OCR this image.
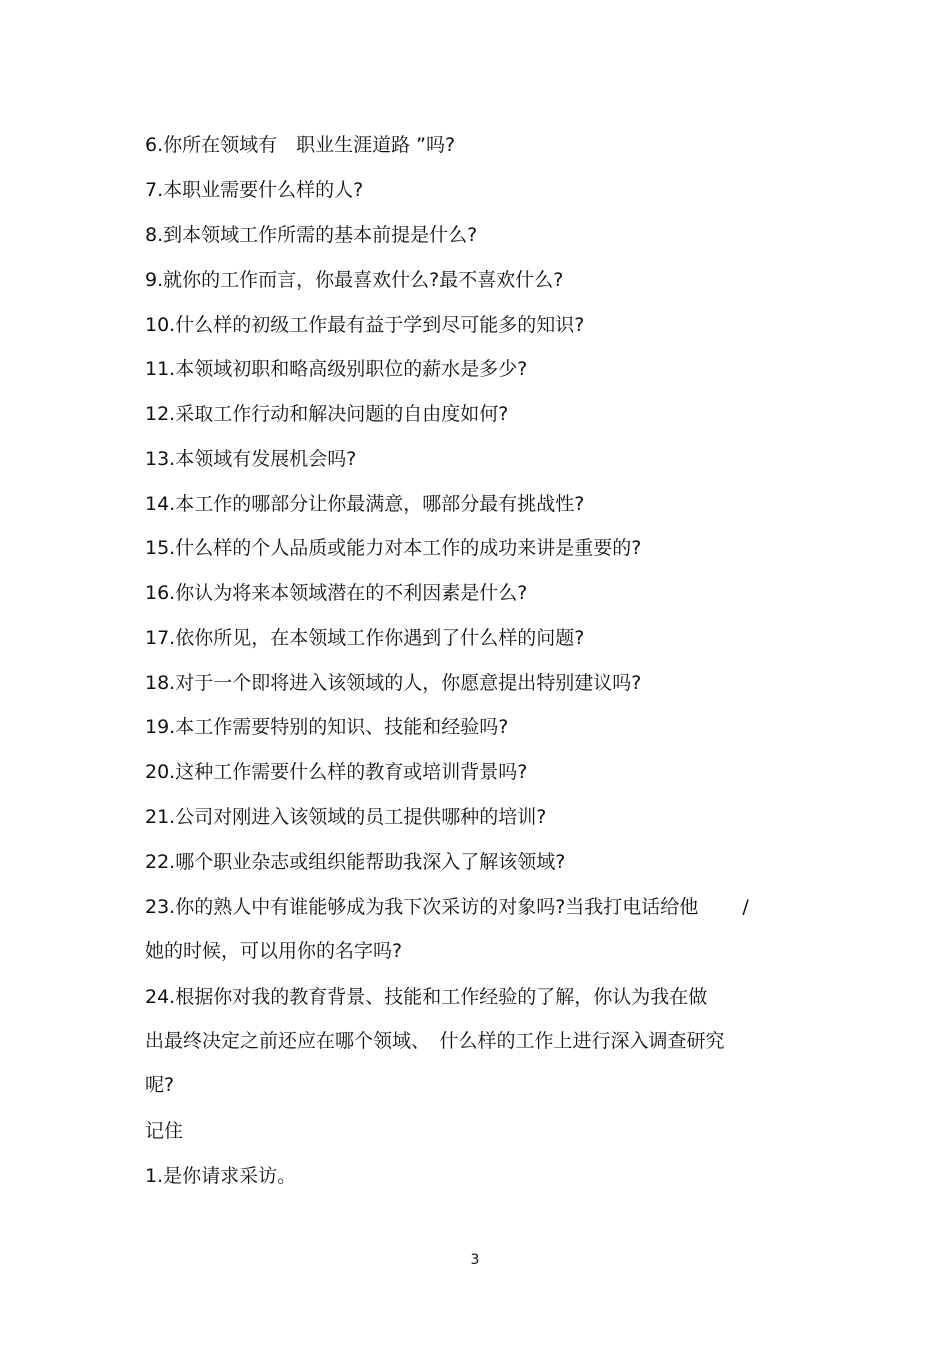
6.你所在领域有　职业生涯道路 ”吗?
7.本职业需要什么样的人?
8.到本领域工作所需的基本前提是什么?
9.就你的工作而言，你最喜欢什么?最不喜欢什么?
10.什么样的初级工作最有益于学到尽可能多的知识?
11.本领域初职和略高级别职位的薪水是多少?
12.采取工作行动和解决问题的自由度如何?
13.本领域有发展机会吗?
14.本工作的哪部分让你最满意，哪部分最有挑战性?
15.什么样的个人品质或能力对本工作的成功来讲是重要的?
16.你认为将来本领域潜在的不利因素是什么?
17.依你所见，在本领域工作你遇到了什么样的问题?
18.对于一个即将进入该领域的人，你愿意提出特别建议吗?
19.本工作需要特别的知识、技能和经验吗?
20.这种工作需要什么样的教育或培训背景吗?
21.公司对刚进入该领域的员工提供哪种的培训?
22.哪个职业杂志或组织能帮助我深入了解该领域?
23.你的熟人中有谁能够成为我下次采访的对象吗?当我打电话给他　　 /
她的时候，可以用你的名字吗?
24.根据你对我的教育背景、技能和工作经验的了解，你认为我在做
出最终决定之前还应在哪个领域、　什么样的工作上进行深入调查研究
呢?
记住
1.是你请求采访。
3
